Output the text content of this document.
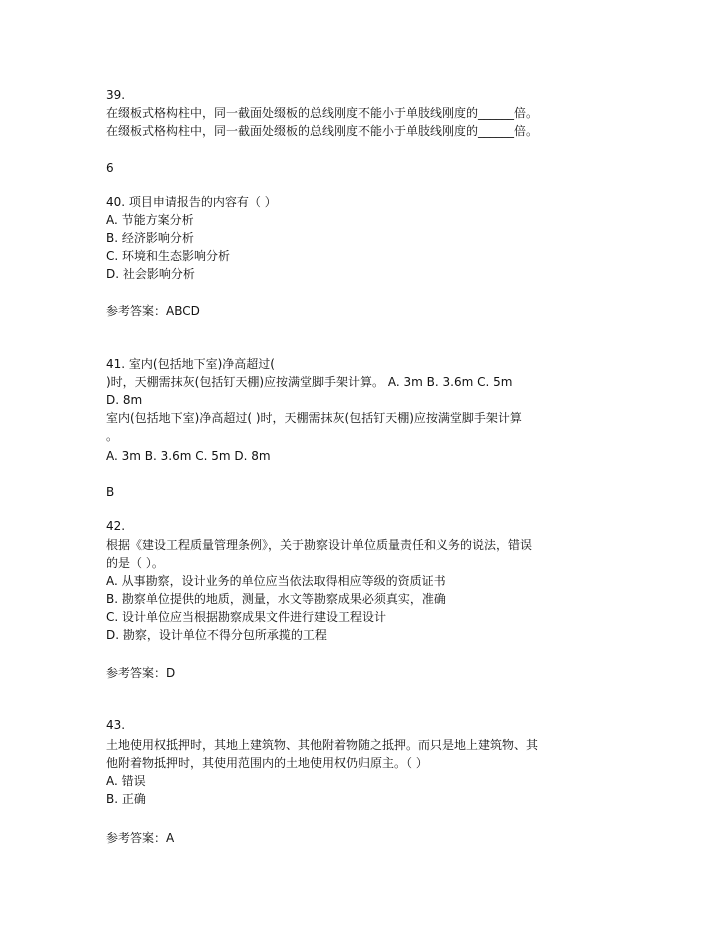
39.
在缀板式格构柱中，同一截面处缀板的总线刚度不能小于单肢线刚度的______倍。
在缀板式格构柱中，同一截面处缀板的总线刚度不能小于单肢线刚度的______倍。
6
40. 项目申请报告的内容有（ ）
A. 节能方案分析
B. 经济影响分析
C. 环境和生态影响分析
D. 社会影响分析
参考答案：ABCD
41. 室内(包括地下室)净高超过(
)时，天棚需抹灰(包括钉天棚)应按满堂脚手架计算。 A. 3m B. 3.6m C. 5m
D. 8m
室内(包括地下室)净高超过( )时，天棚需抹灰(包括钉天棚)应按满堂脚手架计算
。
A. 3m B. 3.6m C. 5m D. 8m
B
42.
根据《建设工程质量管理条例》，关于勘察设计单位质量责任和义务的说法，错误
的是（ ）。
A. 从事勘察，设计业务的单位应当依法取得相应等级的资质证书
B. 勘察单位提供的地质，测量，水文等勘察成果必须真实，准确
C. 设计单位应当根据勘察成果文件进行建设工程设计
D. 勘察，设计单位不得分包所承揽的工程
参考答案：D
43.
土地使用权抵押时，其地上建筑物、其他附着物随之抵押。而只是地上建筑物、其
他附着物抵押时，其使用范围内的土地使用权仍归原主。（ ）
A. 错误
B. 正确
参考答案：A
